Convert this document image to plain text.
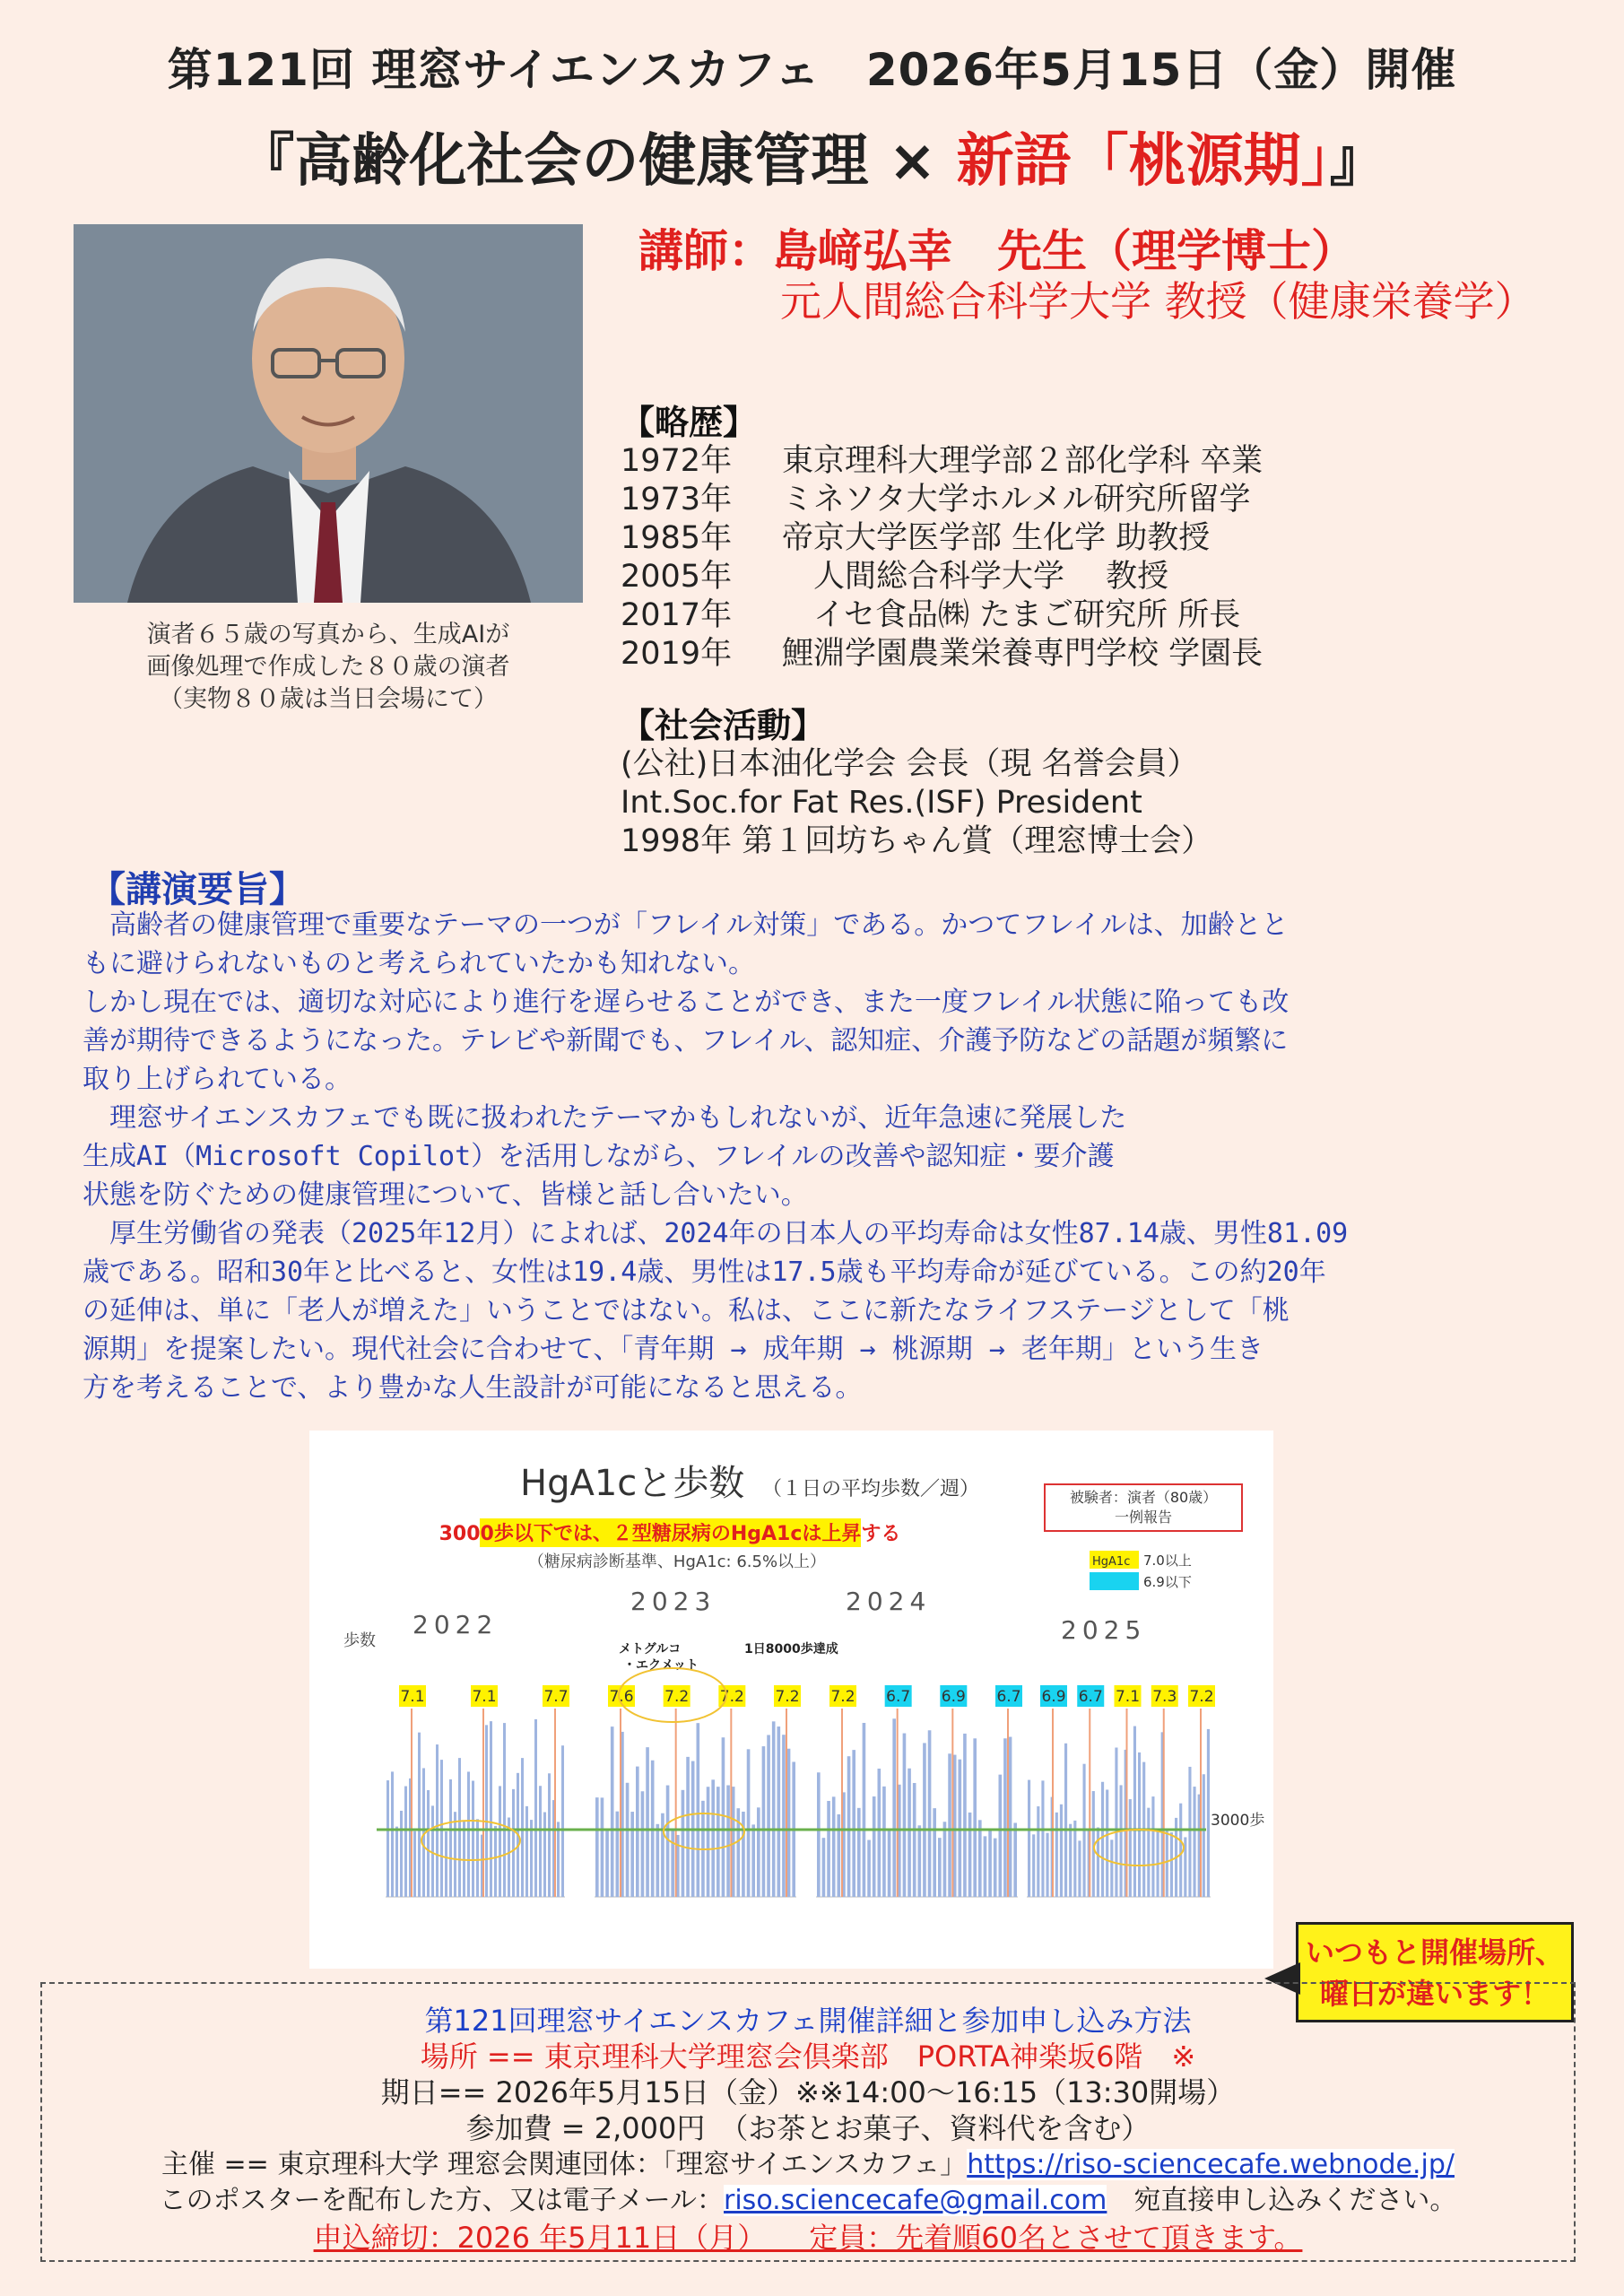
第121回 理窓サイエンスカフェ　2026年5月15日（金）開催
『高齢化社会の健康管理 × 新語「桃源期」』
演者６５歳の写真から、生成AIが
画像処理で作成した８０歳の演者
（実物８０歳は当日会場にて）
講師：島﨑弘幸　先生（理学博士）
元人間総合科学大学 教授（健康栄養学）
【略歴】
1972年 東京理科大理学部２部化学科 卒業
1973年 ミネソタ大学ホルメル研究所留学
1985年 帝京大学医学部 生化学 助教授
2005年　人間総合科学大学　 教授
2017年　イセ食品㈱ たまご研究所 所長
2019年 鯉淵学園農業栄養専門学校 学園長
【社会活動】
(公社)日本油化学会 会長（現 名誉会員）
Int.Soc.for Fat Res.(ISF) President
1998年 第１回坊ちゃん賞（理窓博士会）
【講演要旨】

　高齢者の健康管理で重要なテーマの一つが「フレイル対策」である。かつてフレイルは、加齢とと

もに避けられないものと考えられていたかも知れない。

しかし現在では、適切な対応により進行を遅らせることができ、また一度フレイル状態に陥っても改

善が期待できるようになった。テレビや新聞でも、フレイル、認知症、介護予防などの話題が頻繁に

取り上げられている。

　理窓サイエンスカフェでも既に扱われたテーマかもしれないが、近年急速に発展した

生成AI（Microsoft Copilot）を活用しながら、フレイルの改善や認知症・要介護

状態を防ぐための健康管理について、皆様と話し合いたい。

　厚生労働省の発表（2025年12月）によれば、2024年の日本人の平均寿命は女性87.14歳、男性81.09

歳である。昭和30年と比べると、女性は19.4歳、男性は17.5歳も平均寿命が延びている。この約20年

の延伸は、単に「老人が増えた」いうことではない。私は、ここに新たなライフステージとして「桃

源期」を提案したい。現代社会に合わせて、「青年期 → 成年期 → 桃源期 → 老年期」という生き

方を考えることで、より豊かな人生設計が可能になると思える。

HgA1cと歩数 （１日の平均歩数／週）	被験者：演者（80歳）
一例報告
3000歩以下では、２型糖尿病のHgA1cは上昇する
（糖尿病診断基準、HgA1c: 6.5%以上）	HgA1c 7.0以上
6.9以下
歩数
2022
2023	2024
2025
メトグルコ
・エクメット
1日8000歩達成
3000歩
7.1	7.1	7.7	7.6 7.2 7.2 7.2 7.2 6.7 6.9 6.7 6.9 6.7 7.1 7.3 7.2
いつもと開催場所、
曜日が違います！
第121回理窓サイエンスカフェ開催詳細と参加申し込み方法
場所 == 東京理科大学理窓会倶楽部　PORTA神楽坂6階　※
期日== 2026年5月15日（金）※※14:00～16:15（13:30開場）
参加費 = 2,000円　（お茶とお菓子、資料代を含む）
主催 == 東京理科大学 理窓会関連団体：「理窓サイエンスカフェ」https://riso-sciencecafe.webnode.jp/
このポスターを配布した方、又は電子メール：riso.sciencecafe@gmail.com　宛直接申し込みください。
申込締切：2026 年5月11日（月）　　定員：先着順60名とさせて頂きます。
